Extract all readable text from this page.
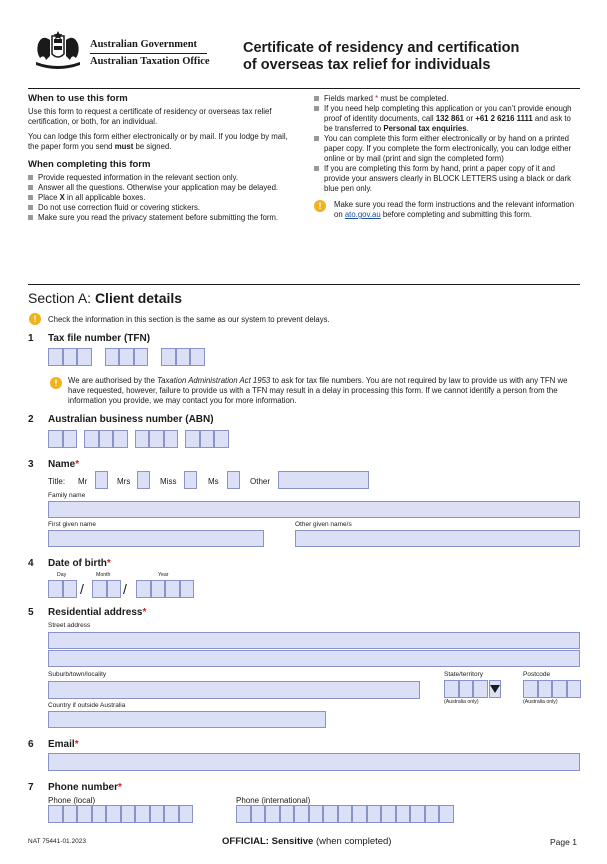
Australian Government
Australian Taxation Office
Certificate of residency and certification
of overseas tax relief for individuals
When to use this form

Use this form to request a certificate of residency or overseas tax relief certification, or both, for an individual.

You can lodge this form either electronically or by mail. If you lodge by mail, the paper form you send must be signed.

When completing this form
Provide requested information in the relevant section only.
Answer all the questions. Otherwise your application may be delayed.
Place X in all applicable boxes.
Do not use correction fluid or covering stickers.
Make sure you read the privacy statement before submitting the form.
Fields marked * must be completed.
If you need help completing this application or you can’t provide enough proof of identity documents, call 132 861 or +61 2 6216 1111 and ask to be transferred to Personal tax enquiries.
You can complete this form either electronically or by hand on a printed paper copy. If you complete the form electronically, you can lodge either online or by mail (print and sign the completed form)
If you are completing this form by hand, print a paper copy of it and provide your answers clearly in BLOCK LETTERS using a black or dark blue pen only.
!	Make sure you read the form instructions and the relevant information on ato.gov.au before completing and submitting this form.
Section A: Client details
!	Check the information in this section is the same as our system to prevent delays.
1 Tax file number (TFN)
!	We are authorised by the Taxation Administration Act 1953 to ask for tax file numbers. You are not required by law to provide us with any TFN we have requested, however, failure to provide us with a TFN may result in a delay in processing this form. If we cannot identify a person from the information you provide, we may contact you for more information.
2 Australian business number (ABN)
3 Name*
Title: Mr	Mrs	Miss	Ms	Other
Family name
First given name	Other given name/s
4 Date of birth*
Day	Month	Year
/	/
5 Residential address*
Street address
Suburb/town/locality	State/territory
(Australia only)
Postcode
(Australia only)
Country if outside Australia
6 Email*
7 Phone number*
Phone (local)	Phone (international)
NAT 75441-01.2023	OFFICIAL: Sensitive (when completed)	Page 1
